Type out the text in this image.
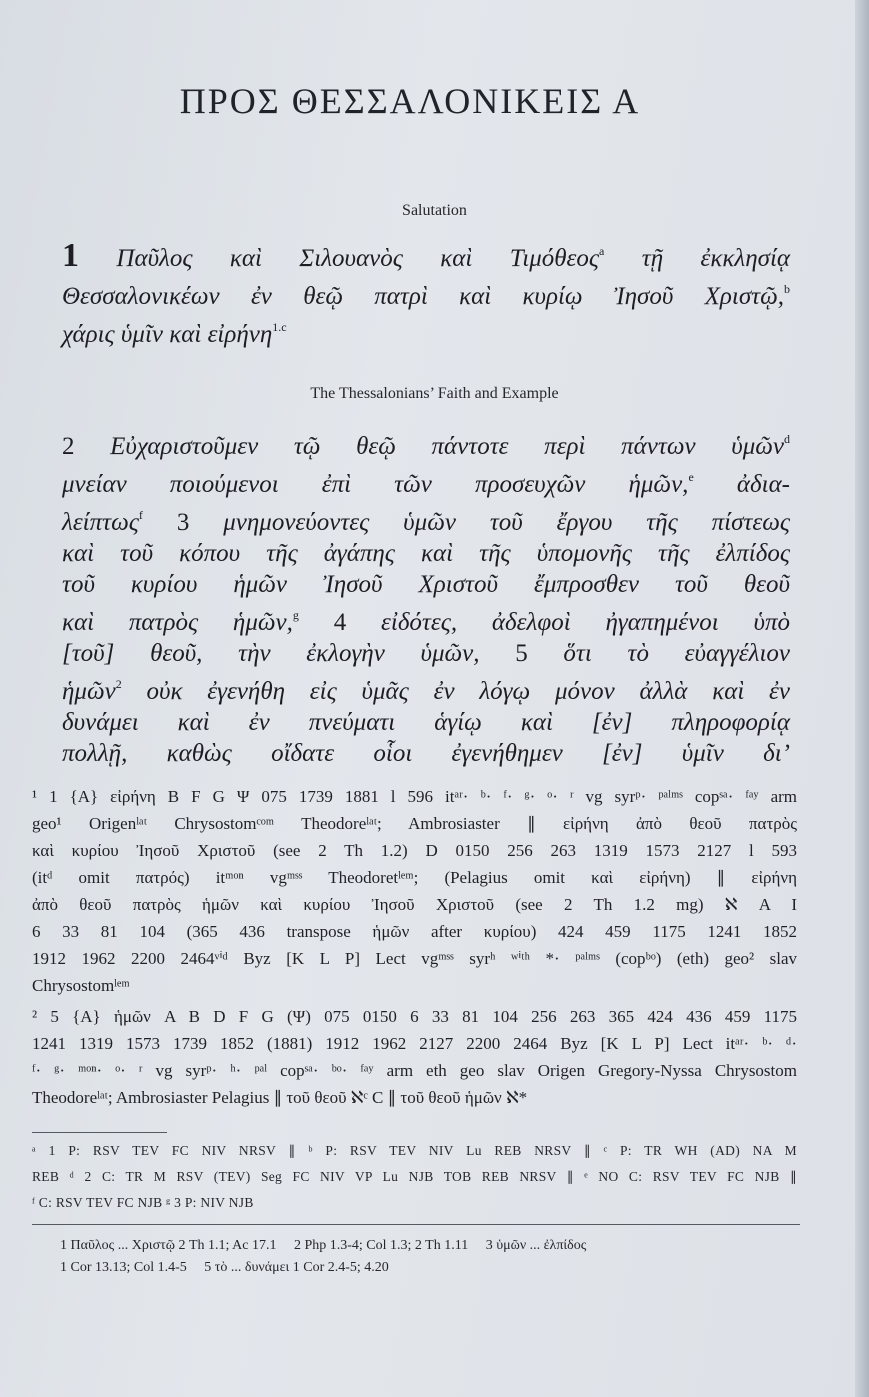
ΠΡΟΣ ΘΕΣΣΑΛΟΝΙΚΕΙΣ Α
Salutation
1 Παῦλος καὶ Σιλουανὸς καὶ Τιμόθεος$^a$ τῇ ἐκκλησίᾳ
Θεσσαλονικέων ἐν θεῷ πατρὶ καὶ κυρίῳ Ἰησοῦ Χριστῷ,$^b$
χάρις ὑμῖν καὶ εἰρήνη$^{1.c}$
The Thessalonians’ Faith and Example
2 Εὐχαριστοῦμεν τῷ θεῷ πάντοτε περὶ πάντων ὑμῶν$^d$
μνείαν ποιούμενοι ἐπὶ τῶν προσευχῶν ἡμῶν,$^e$ ἀδια-
λείπτως$^f$ 3 μνημονεύοντες ὑμῶν τοῦ ἔργου τῆς πίστεως
καὶ τοῦ κόπου τῆς ἀγάπης καὶ τῆς ὑπομονῆς τῆς ἐλπίδος
τοῦ κυρίου ἡμῶν Ἰησοῦ Χριστοῦ ἔμπροσθεν τοῦ θεοῦ
καὶ πατρὸς ἡμῶν,$^g$ 4 εἰδότες, ἀδελφοὶ ἠγαπημένοι ὑπὸ
[τοῦ] θεοῦ, τὴν ἐκλογὴν ὑμῶν, 5 ὅτι τὸ εὐαγγέλιον
ἡμῶν$^2$ οὐκ ἐγενήθη εἰς ὑμᾶς ἐν λόγῳ μόνον ἀλλὰ καὶ ἐν
δυνάμει καὶ ἐν πνεύματι ἁγίῳ καὶ [ἐν] πληροφορίᾳ
πολλῇ, καθὼς οἴδατε οἷοι ἐγενήθημεν [ἐν] ὑμῖν δι’
¹ 1 {A} εἰρήνη B F G Ψ 075 1739 1881 l 596 itᵃʳ· ᵇ· ᶠ· ᵍ· ᵒ· ʳ vg syrᵖ· ᵖᵃˡᵐˢ copˢᵃ· ᶠᵃʸ arm
geo¹ Origenˡᵃᵗ Chrysostomᶜᵒᵐ Theodoreˡᵃᵗ; Ambrosiaster ∥ εἰρήνη ἀπὸ θεοῦ πατρὸς
καὶ κυρίου Ἰησοῦ Χριστοῦ (see 2 Th 1.2) D 0150 256 263 1319 1573 2127 l 593
(itᵈ omit πατρός) itᵐᵒⁿ vgᵐˢˢ Theodoretˡᵉᵐ; (Pelagius omit καὶ εἰρήνη) ∥ εἰρήνη
ἀπὸ θεοῦ πατρὸς ἡμῶν καὶ κυρίου Ἰησοῦ Χριστοῦ (see 2 Th 1.2 mg) ℵ A I
6 33 81 104 (365 436 transpose ἡμῶν after κυρίου) 424 459 1175 1241 1852
1912 1962 2200 2464ᵛⁱᵈ Byz [K L P] Lect vgᵐˢˢ syrʰ ʷⁱᵗʰ *· ᵖᵃˡᵐˢ (copᵇᵒ) (eth) geo² slav
Chrysostomˡᵉᵐ
² 5 {A} ἡμῶν A B D F G (Ψ) 075 0150 6 33 81 104 256 263 365 424 436 459 1175
1241 1319 1573 1739 1852 (1881) 1912 1962 2127 2200 2464 Byz [K L P] Lect itᵃʳ· ᵇ· ᵈ·
ᶠ· ᵍ· ᵐᵒⁿ· ᵒ· ʳ vg syrᵖ· ʰ· ᵖᵃˡ copˢᵃ· ᵇᵒ· ᶠᵃʸ arm eth geo slav Origen Gregory-Nyssa Chrysostom
Theodoreˡᵃᵗ; Ambrosiaster Pelagius ∥ τοῦ θεοῦ ℵᶜ C ∥ τοῦ θεοῦ ἡμῶν ℵ*
ᵃ 1 P: RSV TEV FC NIV NRSV ∥ ᵇ P: RSV TEV NIV Lu REB NRSV ∥ ᶜ P: TR WH (AD) NA M
REB ᵈ 2 C: TR M RSV (TEV) Seg FC NIV VP Lu NJB TOB REB NRSV ∥ ᵉ NO C: RSV TEV FC NJB ∥
ᶠ C: RSV TEV FC NJB ᵍ 3 P: NIV NJB
1 Παῦλος ... Χριστῷ 2 Th 1.1; Ac 17.1     2 Php 1.3-4; Col 1.3; 2 Th 1.11     3 ὑμῶν ... ἐλπίδος
1 Cor 13.13; Col 1.4-5     5 τὸ ... δυνάμει 1 Cor 2.4-5; 4.20
